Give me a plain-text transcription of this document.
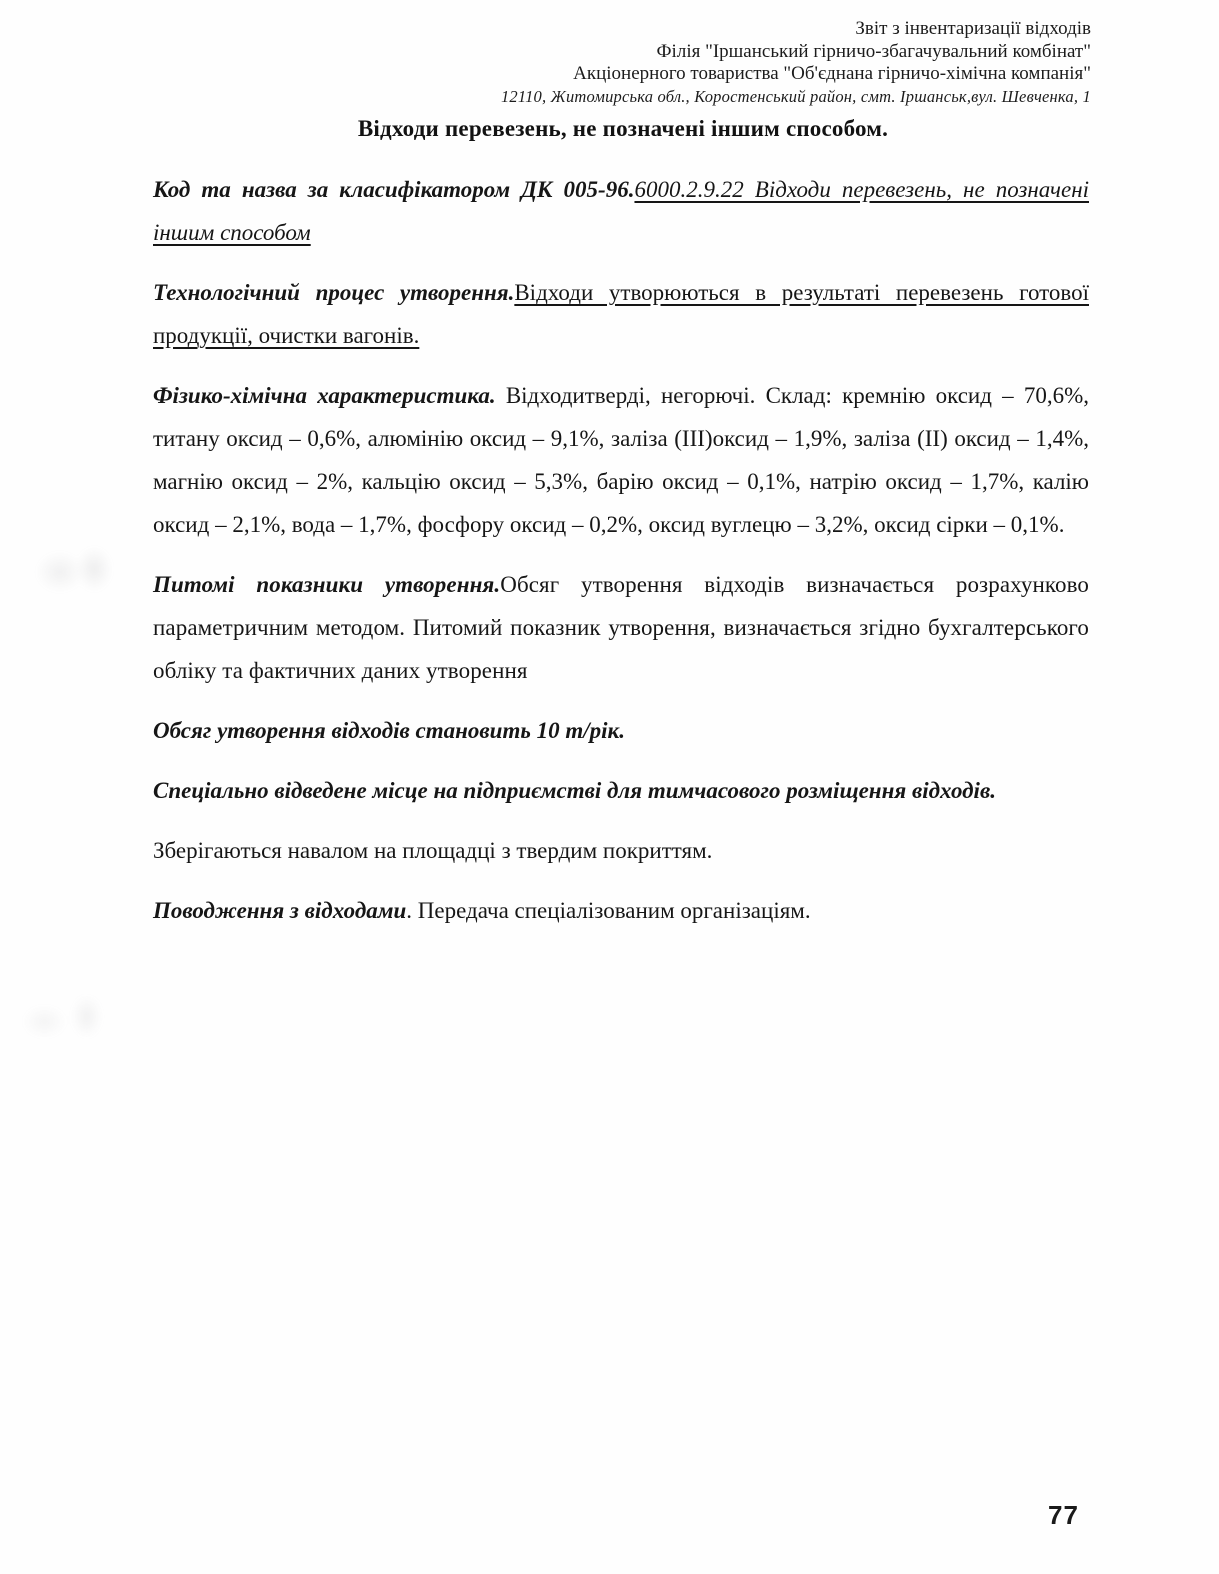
Звіт з інвентаризації відходів
Філія "Іршанський гірничо-збагачувальний комбінат"
Акціонерного товариства "Об'єднана гірничо-хімічна компанія"
12110, Житомирська обл., Коростенський район, смт. Іршанськ,вул. Шевченка, 1
Відходи перевезень, не позначені іншим способом.

Код та назва за класифікатором ДК 005-96.6000.2.9.22 Відходи перевезень, не позначені іншим способом

Технологічний процес утворення.Відходи утворюються в результаті перевезень готової продукції, очистки вагонів.

Фізико-хімічна характеристика. Відходитверді, негорючі. Склад: кремнію оксид – 70,6%, титану оксид – 0,6%, алюмінію оксид – 9,1%, заліза (ІІІ)оксид – 1,9%, заліза (ІІ) оксид – 1,4%, магнію оксид – 2%, кальцію оксид – 5,3%, барію оксид – 0,1%, натрію оксид – 1,7%, калію оксид – 2,1%, вода – 1,7%, фосфору оксид – 0,2%, оксид вуглецю – 3,2%, оксид сірки – 0,1%.

Питомі показники утворення.Обсяг утворення відходів визначається розрахунково параметричним методом. Питомий показник утворення, визначається згідно бухгалтерського обліку та фактичних даних утворення

Обсяг утворення відходів становить 10 т/рік.

Спеціально відведене місце на підприємстві для тимчасового розміщення відходів.

Зберігаються навалом на площадці з твердим покриттям.

Поводження з відходами. Передача спеціалізованим організаціям.

77
